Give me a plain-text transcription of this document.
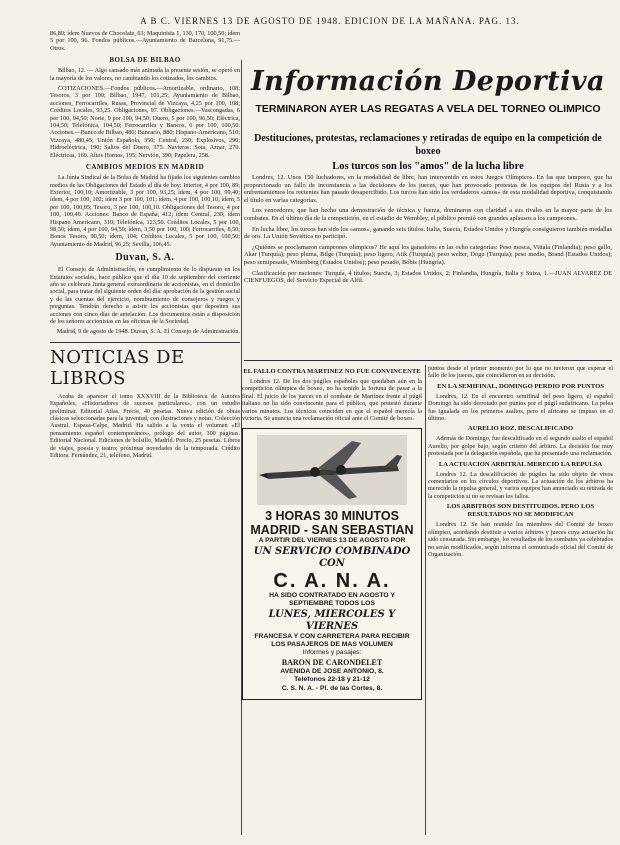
A B C. VIERNES 13 DE AGOSTO DE 1948. EDICION DE LA MAÑANA. PAG. 13.

86,80; ídem Nuevos de Chocolate, 63; Maquinista 1, 130, 170, 100,50; ídem 5 por 100, 96. Fondos públicos.—Ayuntamiento de Barcelona, 91,75.—Otros.

BOLSA DE BILBAO

Bilbao, 12. — Algo cansado más animada la presente sesión, se operó en la mayoría de los valores, no cambiando los cotizados, los cambios.

COTIZACIONES.—Fondos públicos.—Amortizable, ordinario, 108; Tesoros, 3 por 100; Bilbao, 1947, 101,25; Ayuntamiento de Bilbao, acciones, Ferrocarriles, Rusas, Provincial de Vizcaya, 4,25 por 100, 108; Créditos Locales, 93,25. Obligaciones, 97. Obligaciones.—Vascongadas, 6 por 100, 94,50; Norte, 9 por 100, 94,50; Duero, 5 por 100, 96,50; Eléctrica, 104,50; Telefónica, 104,50; Ferrocarriles y Bancos, 6 por 100, 100,50. Acciones.—Banco de Bilbao, 480; Bancario, 880; Hispano-Americano, 510; Vizcaya, 480,45; Unión Española, 350; Central, 230; Explosivos, 290; Hidroeléctrica, 190; Saltos del Duero, 375. Navieras: Sota, Aznar, 270. Eléctricas, 160. Altos Hornos, 195; Nervión, 390; Papelera, 258.

CAMBIOS MEDIOS EN MADRID

La Junta Sindical de la Bolsa de Madrid ha fijado los siguientes cambios medios de las Obligaciones del Estado al día de hoy: Interior, 4 por 100, 89; Exterior, 100,10; Amortizable, 3 por 100, 93,25; ídem, 4 por 100, 99,40; ídem, 4 por 100, 102; ídem 3 por 100, 101; ídem, 4 por 100, 100,10; ídem, 5 por 100, 100,05; Tesoro, 3 por 100, 100,10. Obligaciones del Tesoro, 4 por 100, 100,40. Acciones: Banco de España, 412; ídem Central, 230; ídem Hispano Americano, 310; Telefónica, 123,50. Créditos Locales, 5 por 100, 98,50; ídem, 4 por 100, 94,50; ídem, 3,50 por 100, 100; Ferrocarriles, 8,50; Bonos Tesoro, 90,50; ídem, 104; Créditos Locales, 5 por 100, 100,50; Ayuntamiento de Madrid, 96,25; Sevilla, 106,45.

Duvan, S. A.

El Consejo de Administración, en cumplimiento de lo dispuesto en los Estatutos sociales, hace público que el día 10 de septiembre del corriente año se celebrará Junta general extraordinaria de accionistas, en el domicilio social, para tratar del siguiente orden del día: aprobación de la gestión social y de las cuentas del ejercicio, nombramiento de consejeros y ruegos y preguntas. Tendrán derecho a asistir los accionistas que depositen sus acciones con cinco días de antelación. Los documentos están a disposición de los señores accionistas en las oficinas de la Sociedad.

Madrid, 9 de agosto de 1948. Duvan, S. A. El Consejo de Administración.

NOTICIAS DE LIBROS

Acaba de aparecer el tomo XXXVIII de la Biblioteca de Autores Españoles, «Historiadores de sucesos particulares», con un estudio preliminar. Editorial Atlas. Precio, 40 pesetas. Nueva edición de obras clásicas seleccionadas para la juventud, con ilustraciones y notas. Colección Austral. Espasa-Calpe, Madrid. Ha salido a la venta el volumen «El pensamiento español contemporáneo», prólogo del autor, 300 páginas. Editorial Nacional. Ediciones de bolsillo, Madrid. Precio, 25 pesetas. Libros de viajes, poesía y teatro; próximas novedades de la temporada. Crédito Editora. Fernández, 21, teléfono, Madrid.

Información Deportiva
TERMINARON AYER LAS REGATAS A VELA DEL TORNEO OLIMPICO
Destituciones, protestas, reclamaciones y retiradas de equipo en la competición de boxeo
Los turcos son los "amos" de la lucha libre

Londres, 12. Unos 150 luchadores, en la modalidad de libre, han intervenido en estos Juegos Olímpicos. En las que tampoco, que ha proporcionado un fallo de inconstancia a las decisiones de los jueces, que han provocado protestas de los equipos del Rusia y a los enfrentamientos los recientes han pasado desapercibido. Los turcos han sido los verdaderos «amos» de esta modalidad deportiva, conquistando el título en varias categorías.

Los vencedores, que han hecho una demostración de técnica y fuerza, dominaron con claridad a sus rivales en la mayor parte de los combates. En el último día de la competición, en el estadio de Wembley, el público premió con grandes aplausos a los campeones.

En lucha libre, los turcos han sido los «amos», ganando seis títulos. Italia, Suecia, Estados Unidos y Hungría consiguieron también medallas de oro. La Unión Soviética no participó.

¿Quiénes se proclamaron campeones olímpicos? He aquí los ganadores en las ocho categorías: Peso mosca, Viitala (Finlandia); peso gallo, Akar (Turquía); peso pluma, Bilge (Turquía); peso ligero, Atik (Turquía); peso welter, Dogu (Turquía); peso medio, Brand (Estados Unidos); peso semipesado, Wittenberg (Estados Unidos); peso pesado, Bóbis (Hungría).

Clasificación por naciones: Turquía, 4 títulos; Suecia, 3; Estados Unidos, 2; Finlandia, Hungría, Italia y Suiza, 1.—JUAN ALVAREZ DE CIENFUEGOS, del Servicio Especial de Alfil.

EL FALLO CONTRA MARTINEZ NO FUE CONVINCENTE

Londres 12. De los dos púgiles españoles que quedaban aún en la competición olímpica de boxeo, no ha tenido la fortuna de pasar a la final. El juicio de los jueces en el combate de Martínez frente al púgil italiano no ha sido convincente para el público, que protestó durante varios minutos. Los técnicos coinciden en que el español merecía la victoria. Se anuncia una reclamación oficial ante el Comité de boxeo.

3 HORAS 30 MINUTOS
MADRID - SAN SEBASTIAN
A PARTIR DEL VIERNES 13 DE AGOSTO POR
UN SERVICIO COMBINADO CON
C. A. N. A.
HA SIDO CONTRATADO EN AGOSTO Y SEPTIEMBRE TODOS LOS
LUNES, MIERCOLES Y VIERNES
FRANCESA Y CON CARRETERA PARA RECIBIR LOS PASAJEROS DE MAS VOLUMEN
Informes y pasajes:
BARON DE CARONDELET
AVENIDA DE JOSE ANTONIO, 8.
Teléfonos 22-18 y 21-12
C. S. N. A. - Pl. de las Cortes, 8.

puntos desde el primer momento por lo que no tuvieron que esperar el fallo de los jueces, que coincidieron en su decisión.

EN LA SEMIFINAL, DOMINGO PERDIO POR PUNTOS

Londres, 12. En el encuentro semifinal del peso ligero, el español Domingo ha sido derrotado por puntos por el púgil sudafricano. La pelea fue igualada en los primeros asaltos, pero el africano se impuso en el último.

AURELIO ROZ, DESCALIFICADO

Además de Domingo, fue descalificado en el segundo asalto el español Aurelio, por golpe bajo, según criterio del árbitro. La decisión fue muy protestada por la delegación española, que ha presentado una reclamación.

LA ACTUACION ARBITRAL MERECIO LA REPULSA

Londres 12. La descalificación de púgiles ha sido objeto de vivos comentarios en los círculos deportivos. La actuación de los árbitros ha merecido la repulsa general, y varios equipos han anunciado su retirada de la competición si no se revisan los fallos.

LOS ARBITROS SON DESTITUIDOS. PERO LOS RESULTADOS NO SE MODIFICAN

Londres 12. Se han reunido los miembros del Comité de boxeo olímpico, acordando destituir a varios árbitros y jueces cuya actuación ha sido censurada. Sin embargo, los resultados de los combates ya celebrados no serán modificados, según informa el comunicado oficial del Comité de Organización.
